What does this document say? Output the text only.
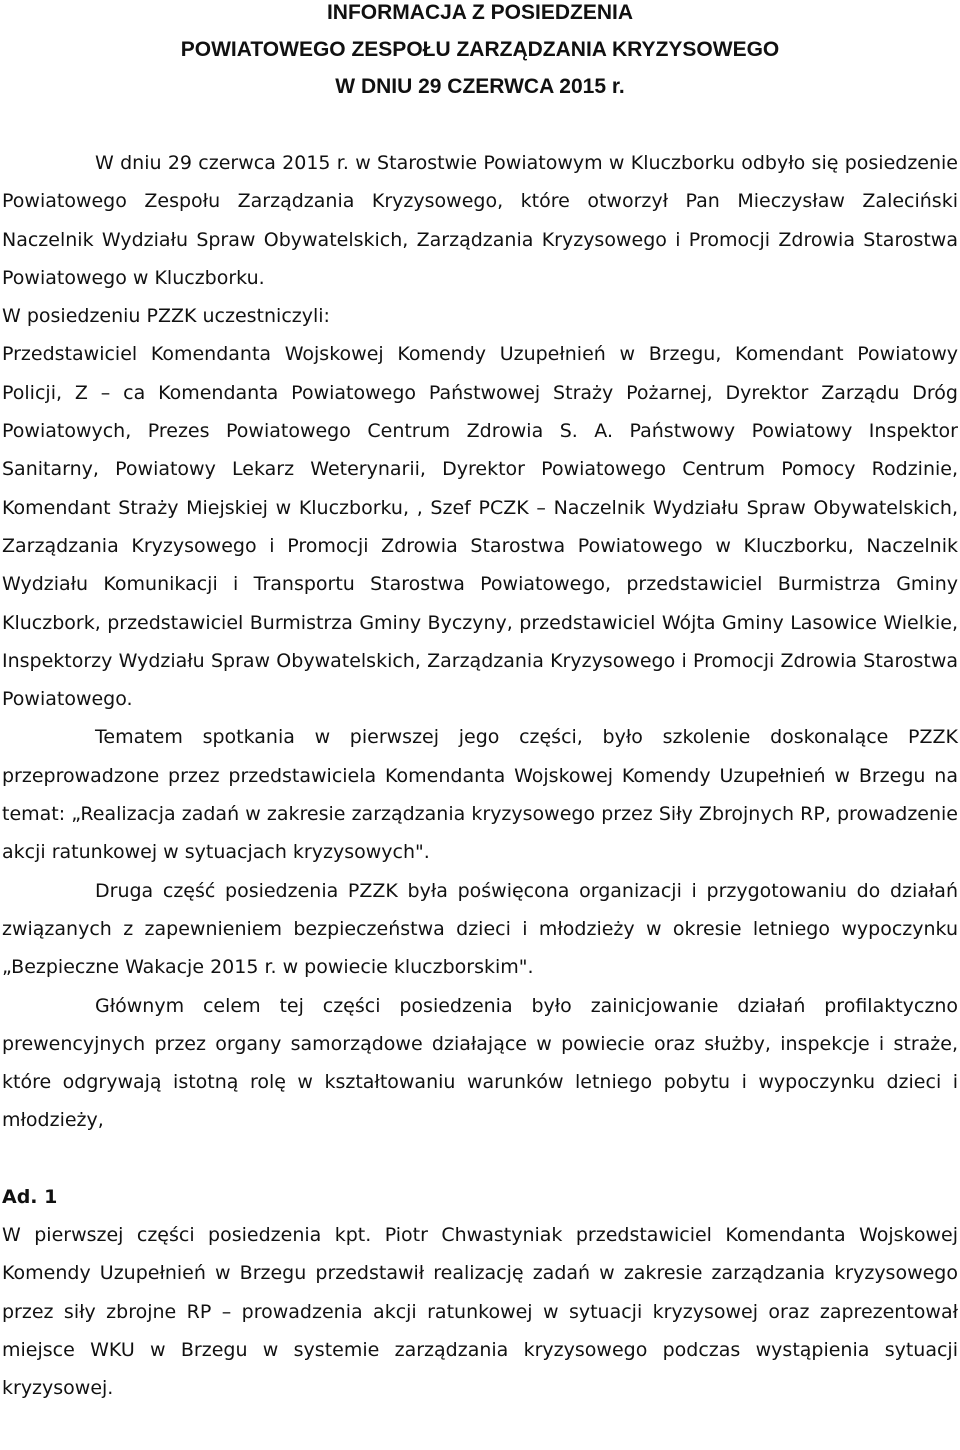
INFORMACJA Z POSIEDZENIA

POWIATOWEGO ZESPOŁU ZARZĄDZANIA KRYZYSOWEGO

W DNIU 29 CZERWCA 2015 r.

W dniu 29 czerwca 2015 r. w Starostwie Powiatowym w Kluczborku odbyło się posiedzenie Powiatowego Zespołu Zarządzania Kryzysowego, które otworzył Pan Mieczysław Zaleciński Naczelnik Wydziału Spraw Obywatelskich, Zarządzania Kryzysowego i Promocji Zdrowia Starostwa Powiatowego w Kluczborku.

W posiedzeniu PZZK uczestniczyli:

Przedstawiciel Komendanta Wojskowej Komendy Uzupełnień w Brzegu, Komendant Powiatowy Policji, Z – ca Komendanta Powiatowego Państwowej Straży Pożarnej, Dyrektor Zarządu Dróg Powiatowych, Prezes Powiatowego Centrum Zdrowia S. A. Państwowy Powiatowy Inspektor Sanitarny, Powiatowy Lekarz Weterynarii, Dyrektor Powiatowego Centrum Pomocy Rodzinie, Komendant Straży Miejskiej w Kluczborku, , Szef PCZK – Naczelnik Wydziału Spraw Obywatelskich, Zarządzania Kryzysowego i Promocji Zdrowia Starostwa Powiatowego w Kluczborku, Naczelnik Wydziału Komunikacji i Transportu Starostwa Powiatowego, przedstawiciel Burmistrza Gminy Kluczbork, przedstawiciel Burmistrza Gminy Byczyny, przedstawiciel Wójta Gminy Lasowice Wielkie, Inspektorzy Wydziału Spraw Obywatelskich, Zarządzania Kryzysowego i Promocji Zdrowia Starostwa Powiatowego.

Tematem spotkania w pierwszej jego części, było szkolenie doskonalące PZZK przeprowadzone przez przedstawiciela Komendanta Wojskowej Komendy Uzupełnień w Brzegu na temat: „Realizacja zadań w zakresie zarządzania kryzysowego przez Siły Zbrojnych RP, prowadzenie akcji ratunkowej w sytuacjach kryzysowych".

Druga część posiedzenia PZZK była poświęcona organizacji i przygotowaniu do działań związanych z zapewnieniem bezpieczeństwa dzieci i młodzieży w okresie letniego wypoczynku „Bezpieczne Wakacje 2015 r. w powiecie kluczborskim".

Głównym celem tej części posiedzenia było zainicjowanie działań profilaktyczno prewencyjnych przez organy samorządowe działające w powiecie oraz służby, inspekcje i straże, które odgrywają istotną rolę w kształtowaniu warunków letniego pobytu i wypoczynku dzieci i młodzieży,

Ad. 1

W pierwszej części posiedzenia kpt. Piotr Chwastyniak przedstawiciel Komendanta Wojskowej Komendy Uzupełnień w Brzegu przedstawił realizację zadań w zakresie zarządzania kryzysowego przez siły zbrojne RP – prowadzenia akcji ratunkowej w sytuacji kryzysowej oraz zaprezentował miejsce WKU w Brzegu w systemie zarządzania kryzysowego podczas wystąpienia sytuacji kryzysowej.
